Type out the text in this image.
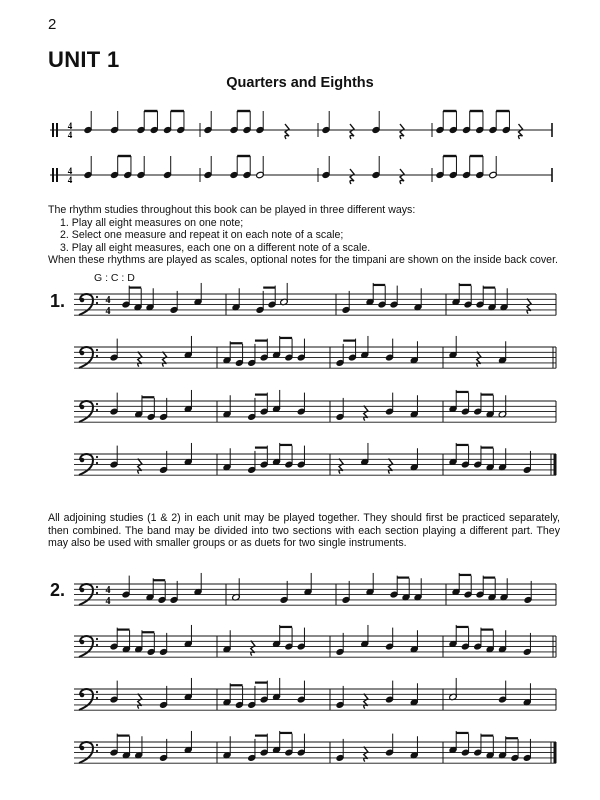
2
UNIT 1
Quarters and Eighths
4
4
4
4

The rhythm studies throughout this book can be played in three different ways:

1. Play all eight measures on one note;

2. Select one measure and repeat it on each note of a scale;

3. Play all eight measures, each one on a different note of a scale.

When these rhythms are played as scales, optional notes for the timpani are shown on the inside back cover.

G : C : D
1.	4
4

All adjoining studies (1 & 2) in each unit may be played together. They should first be practiced separately, then combined. The band may be divided into two sections with each section playing a different part. They may also be used with smaller groups or as duets for two single instruments.

2.	4
4
